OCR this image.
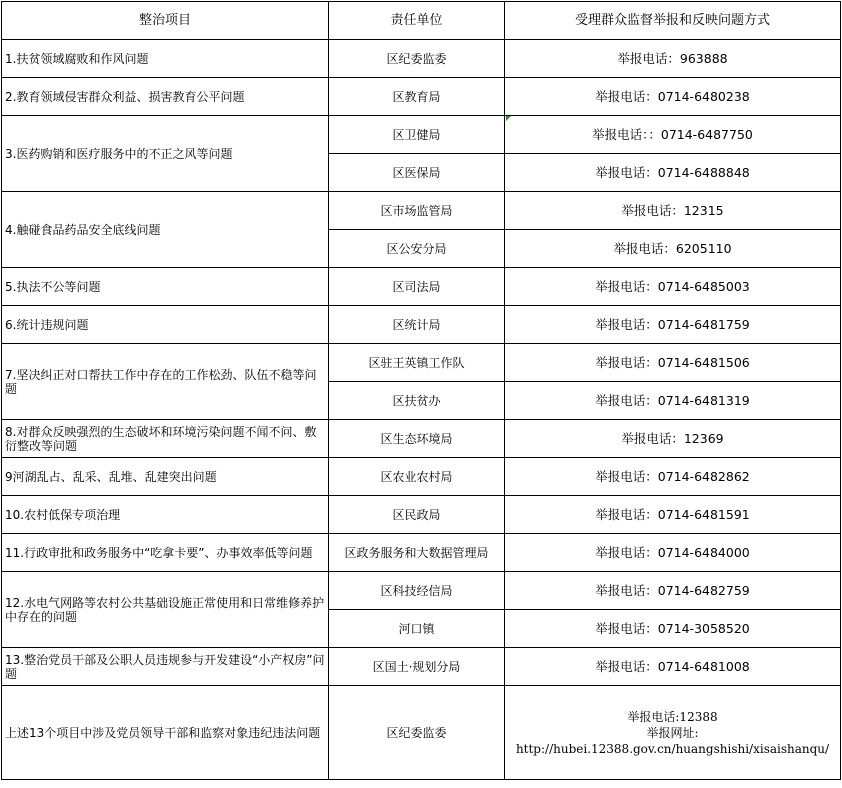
整治项目	责任单位	受理群众监督举报和反映问题方式
1.扶贫领域腐败和作风问题	区纪委监委	举报电话：963888
2.教育领域侵害群众利益、损害教育公平问题	区教育局	举报电话：0714-6480238
3.医药购销和医疗服务中的不正之风等问题	区卫健局	举报电话：：0714-6487750
	区医保局	举报电话：0714-6488848
4.触碰食品药品安全底线问题	区市场监管局	举报电话：12315
	区公安分局	举报电话：6205110
5.执法不公等问题	区司法局	举报电话：0714-6485003
6.统计违规问题	区统计局	举报电话：0714-6481759
7.坚决纠正对口帮扶工作中存在的工作松劲、队伍不稳等问题	区驻王英镇工作队	举报电话：0714-6481506
	区扶贫办	举报电话：0714-6481319
8.对群众反映强烈的生态破坏和环境污染问题不闻不问、敷衍整改等问题	区生态环境局	举报电话：12369
9河湖乱占、乱采、乱堆、乱建突出问题	区农业农村局	举报电话：0714-6482862
10.农村低保专项治理	区民政局	举报电话：0714-6481591
11.行政审批和政务服务中“吃拿卡要”、办事效率低等问题	区政务服务和大数据管理局	举报电话：0714-6484000
12.水电气网路等农村公共基础设施正常使用和日常维修养护中存在的问题	区科技经信局	举报电话：0714-6482759
	河口镇	举报电话：0714-3058520
13.整治党员干部及公职人员违规参与开发建设“小产权房”问题	区国土·规划分局	举报电话：0714-6481008
上述13个项目中涉及党员领导干部和监察对象违纪违法问题	区纪委监委	举报电话:12388
举报网址:
http://hubei.12388.gov.cn/huangshishi/xisaishanqu/
